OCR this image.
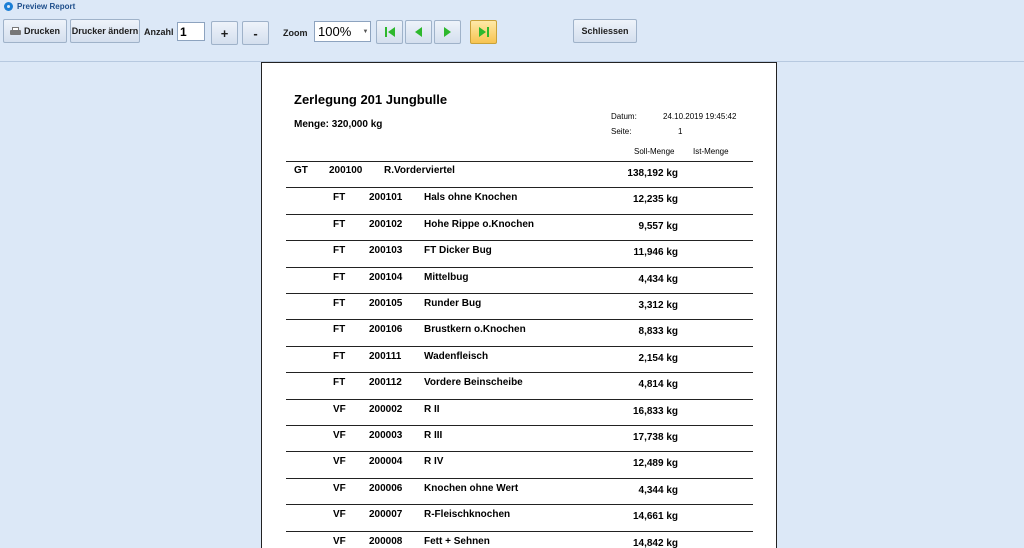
Preview Report
Drucken Drucker ändern Anzahl 1	+	-	Zoom 100%	▼	Schliessen
Zerlegung 201 Jungbulle
Menge: 320,000 kg
Datum:	24.10.2019 19:45:42
Seite:	1
Soll-Menge Ist-Menge
GT 200100 R.Vorderviertel	138,192 kg
FT 200101 Hals ohne Knochen	12,235 kg
FT 200102 Hohe Rippe o.Knochen	9,557 kg
FT 200103 FT Dicker Bug	11,946 kg
FT 200104 Mittelbug	4,434 kg
FT 200105 Runder Bug	3,312 kg
FT 200106 Brustkern o.Knochen	8,833 kg
FT 200111 Wadenfleisch	2,154 kg
FT 200112 Vordere Beinscheibe	4,814 kg
VF 200002 R II	16,833 kg
VF 200003 R III	17,738 kg
VF 200004 R IV	12,489 kg
VF 200006 Knochen ohne Wert	4,344 kg
VF 200007 R-Fleischknochen	14,661 kg
VF 200008 Fett + Sehnen	14,842 kg
